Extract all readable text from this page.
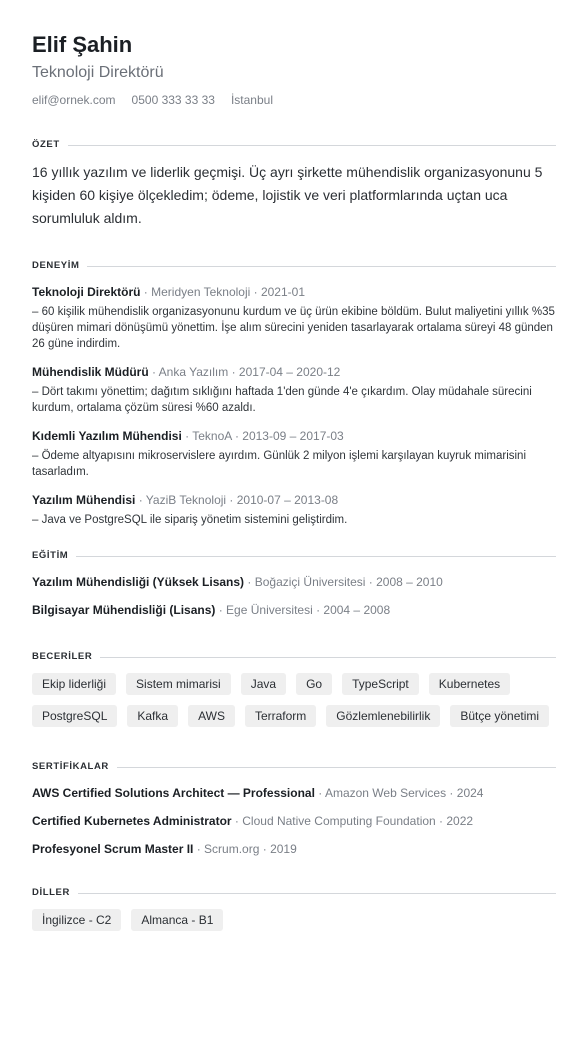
Elif Şahin
Teknoloji Direktörü
elif@ornek.com 0500 333 33 33 İstanbul
ÖZET
16 yıllık yazılım ve liderlik geçmişi. Üç ayrı şirkette mühendislik organizasyonunu 5 kişiden 60 kişiye ölçekledim; ödeme, lojistik ve veri platformlarında uçtan uca sorumluluk aldım.
DENEYİM
Teknoloji Direktörü · Meridyen Teknoloji · 2021-01
– 60 kişilik mühendislik organizasyonunu kurdum ve üç ürün ekibine böldüm. Bulut maliyetini yıllık %35 düşüren mimari dönüşümü yönettim. İşe alım sürecini yeniden tasarlayarak ortalama süreyi 48 günden 26 güne indirdim.
Mühendislik Müdürü · Anka Yazılım · 2017-04 – 2020-12
– Dört takımı yönettim; dağıtım sıklığını haftada 1'den günde 4'e çıkardım. Olay müdahale sürecini kurdum, ortalama çözüm süresi %60 azaldı.
Kıdemli Yazılım Mühendisi · TeknoA · 2013-09 – 2017-03
– Ödeme altyapısını mikroservislere ayırdım. Günlük 2 milyon işlemi karşılayan kuyruk mimarisini tasarladım.
Yazılım Mühendisi · YaziB Teknoloji · 2010-07 – 2013-08
– Java ve PostgreSQL ile sipariş yönetim sistemini geliştirdim.
EĞİTİM
Yazılım Mühendisliği (Yüksek Lisans) · Boğaziçi Üniversitesi · 2008 – 2010
Bilgisayar Mühendisliği (Lisans) · Ege Üniversitesi · 2004 – 2008
BECERİLER
Ekip liderliği	Sistem mimarisi	Java	Go	TypeScript	Kubernetes
PostgreSQL	Kafka	AWS	Terraform	Gözlemlenebilirlik	Bütçe yönetimi
SERTİFİKALAR
AWS Certified Solutions Architect — Professional · Amazon Web Services · 2024
Certified Kubernetes Administrator · Cloud Native Computing Foundation · 2022
Profesyonel Scrum Master II · Scrum.org · 2019
DİLLER
İngilizce - C2	Almanca - B1
